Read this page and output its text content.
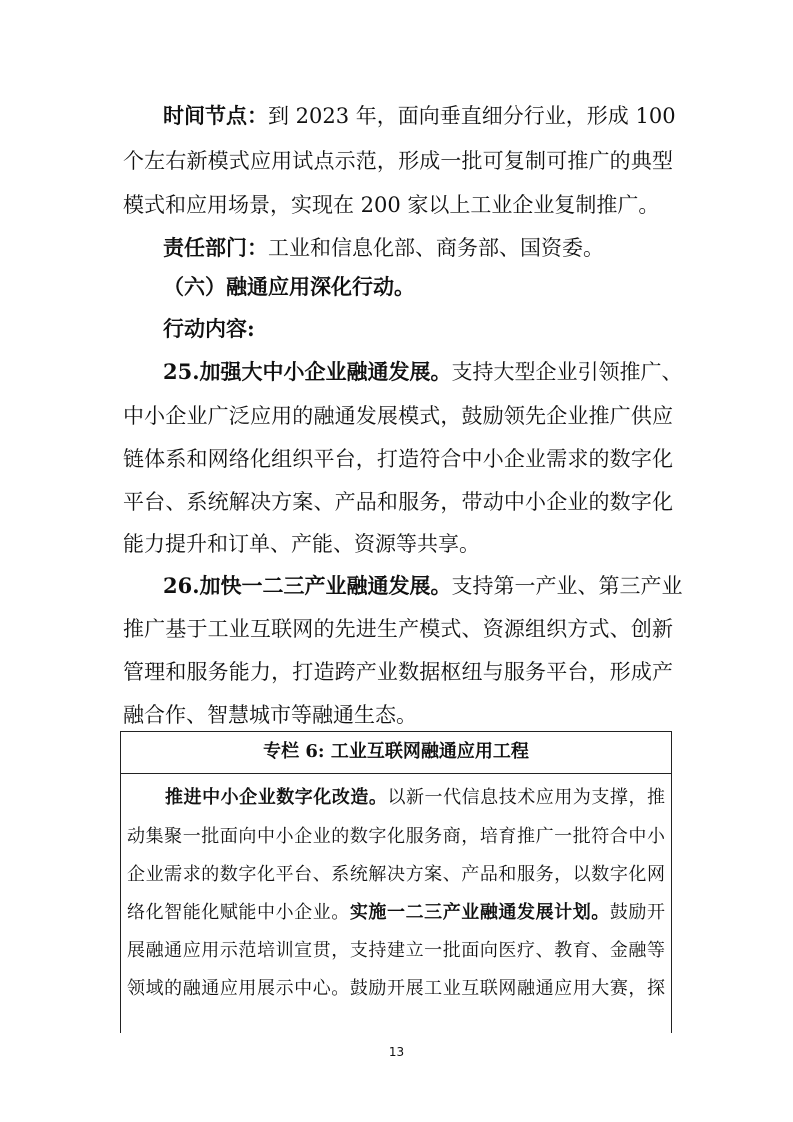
时间节点：到 2023 年，面向垂直细分行业，形成 100
个左右新模式应用试点示范，形成一批可复制可推广的典型
模式和应用场景，实现在 200 家以上工业企业复制推广。
责任部门：工业和信息化部、商务部、国资委。
（六）融通应用深化行动。
行动内容:
25.加强大中小企业融通发展。支持大型企业引领推广、
中小企业广泛应用的融通发展模式，鼓励领先企业推广供应
链体系和网络化组织平台，打造符合中小企业需求的数字化
平台、系统解决方案、产品和服务，带动中小企业的数字化
能力提升和订单、产能、资源等共享。
26.加快一二三产业融通发展。支持第一产业、第三产业
推广基于工业互联网的先进生产模式、资源组织方式、创新
管理和服务能力，打造跨产业数据枢纽与服务平台，形成产
融合作、智慧城市等融通生态。
专栏 6: 工业互联网融通应用工程
推进中小企业数字化改造。以新一代信息技术应用为支撑，推
动集聚一批面向中小企业的数字化服务商，培育推广一批符合中小
企业需求的数字化平台、系统解决方案、产品和服务，以数字化网
络化智能化赋能中小企业。实施一二三产业融通发展计划。鼓励开
展融通应用示范培训宣贯，支持建立一批面向医疗、教育、金融等
领域的融通应用展示中心。鼓励开展工业互联网融通应用大赛，探
13
